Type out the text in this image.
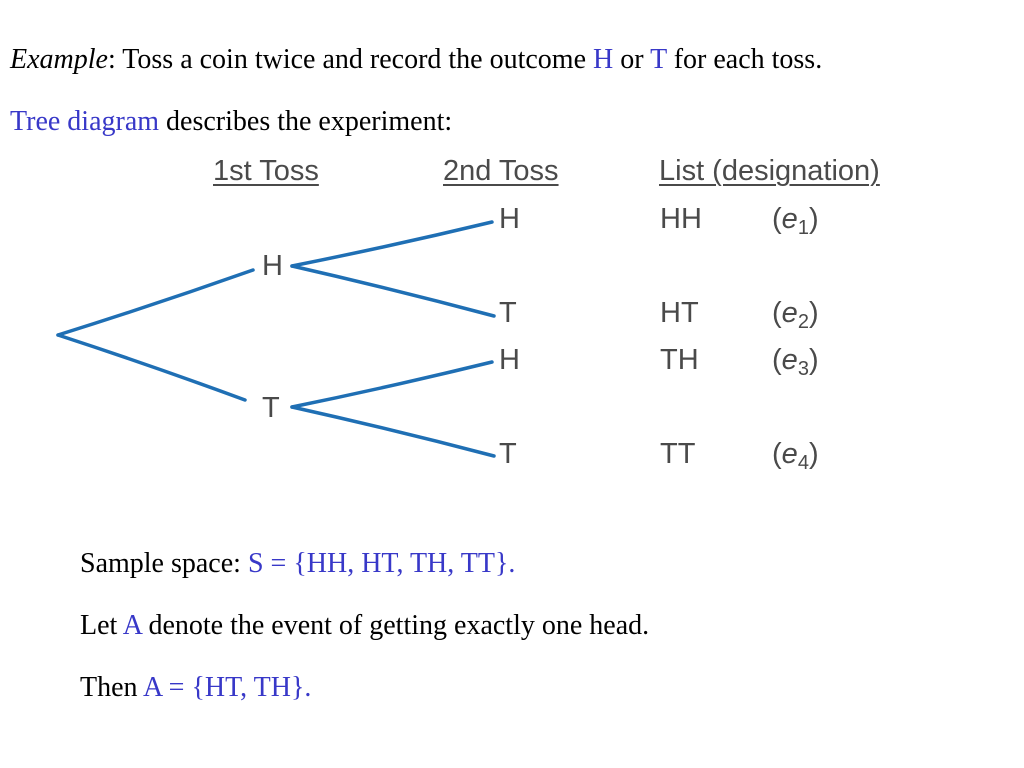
Example: Toss a coin twice and record the outcome H or T for each toss.
Tree diagram describes the experiment:
1st Toss	2nd Toss	List (designation)
H
T
H
T
H
T
HH $(e_1)$
HT	$(e_2)$
TH	$(e_3)$
TT	$(e_4)$
Sample space: S = {HH, HT, TH, TT}.
Let A denote the event of getting exactly one head.
Then A = {HT, TH}.
